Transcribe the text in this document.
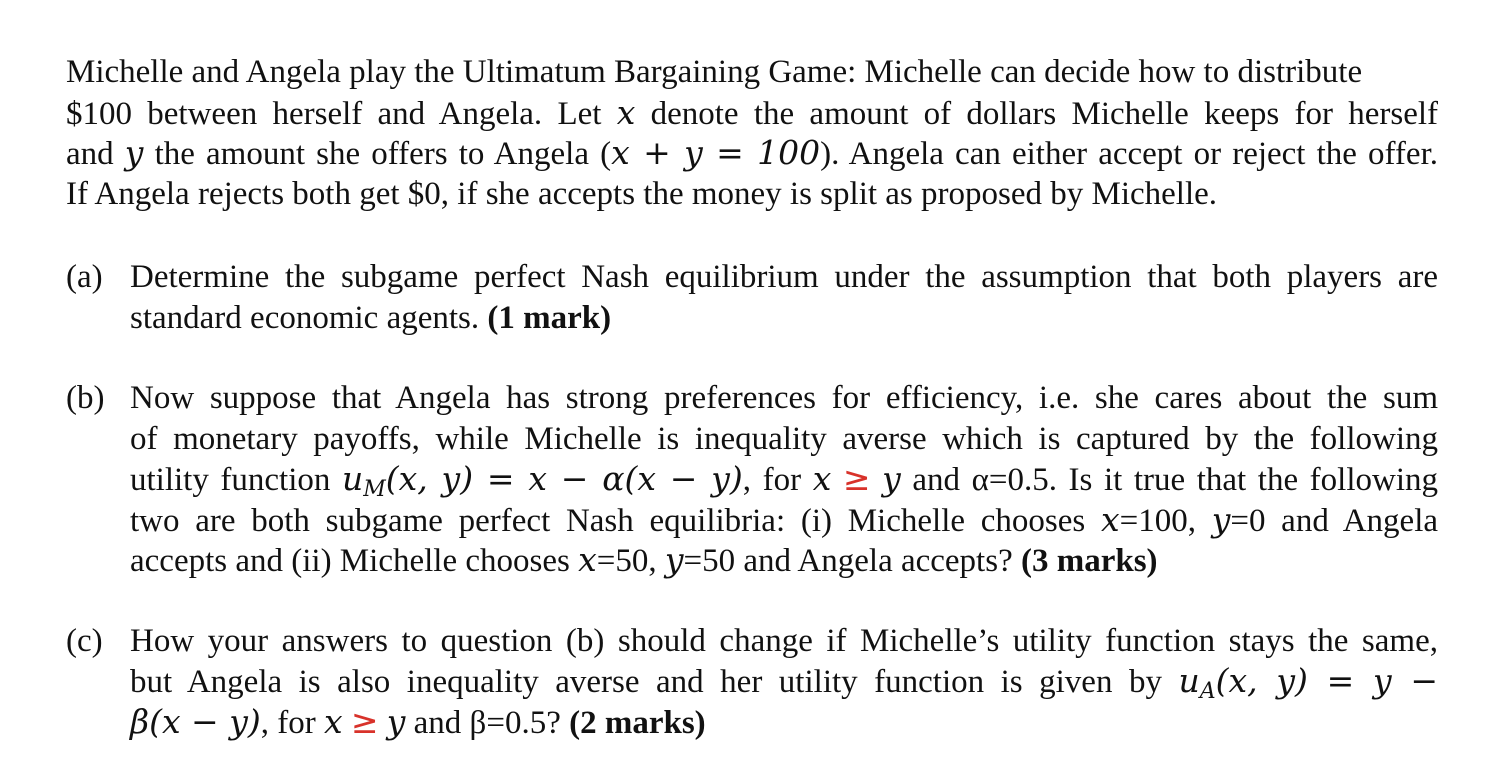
Michelle and Angela play the Ultimatum Bargaining Game: Michelle can decide how to distribute
$100 between herself and Angela. Let x denote the amount of dollars Michelle keeps for herself
and y the amount she offers to Angela (x + y = 100). Angela can either accept or reject the offer.
If Angela rejects both get $0, if she accepts the money is split as proposed by Michelle.
(a) Determine the subgame perfect Nash equilibrium under the assumption that both players are
standard economic agents. (1 mark)
(b) Now suppose that Angela has strong preferences for efficiency, i.e. she cares about the sum
of monetary payoffs, while Michelle is inequality averse which is captured by the following
utility function $u_M(x$, y) = x − α(x − y), for x ≥ y and α=0.5. Is it true that the following
two are both subgame perfect Nash equilibria: (i) Michelle chooses x=100, y=0 and Angela
accepts and (ii) Michelle chooses x=50, y=50 and Angela accepts? (3 marks)
(c) How your answers to question (b) should change if Michelle’s utility function stays the same,
but Angela is also inequality averse and her utility function is given by $u_A(x$, y) = y −
β(x − y), for x ≥ y and β=0.5? (2 marks)
